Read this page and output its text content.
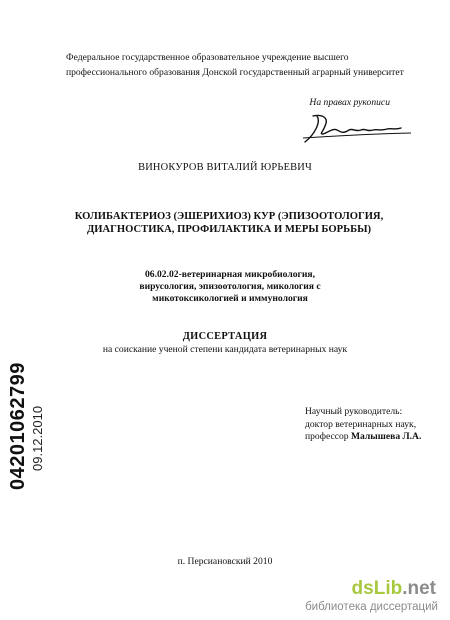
Федеральное государственное образовательное учреждение высшего профессионального образования Донской государственный аграрный университет
На правах рукописи
ВИНОКУРОВ ВИТАЛИЙ ЮРЬЕВИЧ
КОЛИБАКТЕРИОЗ (ЭШЕРИХИОЗ) КУР (ЭПИЗООТОЛОГИЯ,
ДИАГНОСТИКА, ПРОФИЛАКТИКА И МЕРЫ БОРЬБЫ)
06.02.02-ветеринарная микробиология,
вирусология, эпизоотология, микология с
микотоксикологией и иммунология
ДИССЕРТАЦИЯ
на соискание ученой степени кандидата ветеринарных наук
Научный руководитель:
доктор ветеринарных наук,
профессор Малышева Л.А.
п. Персиановский 2010
04201062799 09.12.2010
dsLib.net
библиотека диссертаций
